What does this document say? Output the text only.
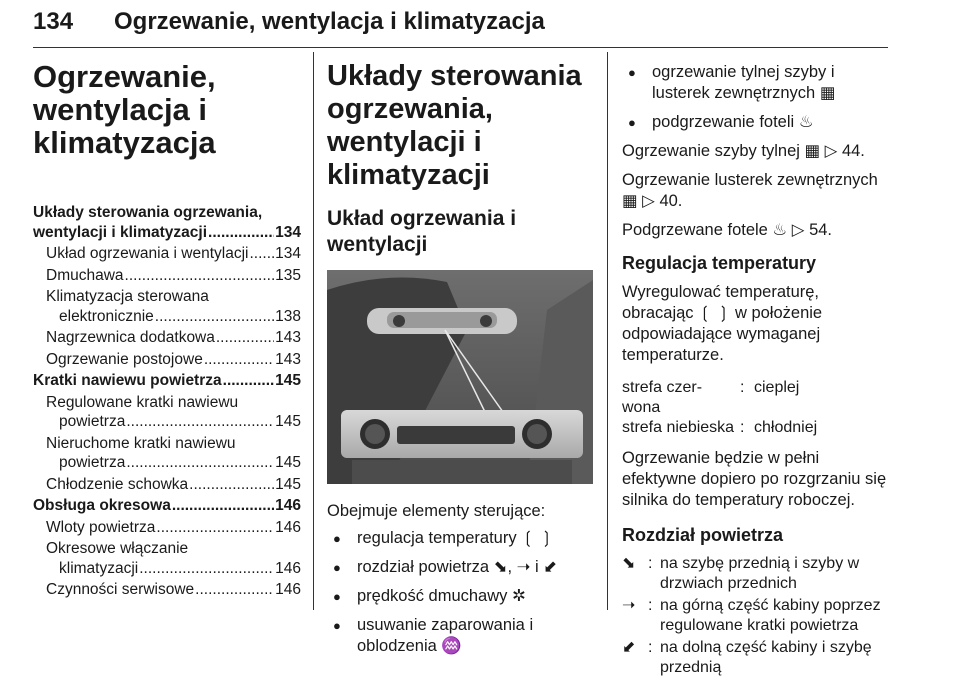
134 Ogrzewanie, wentylacja i klimatyzacja
Ogrzewanie,
wentylacja i
klimatyzacja
Układy sterowania ogrzewania,
wentylacji i klimatyzacji .....	134
Układ ogrzewania i wentylacji ..... 134
Dmuchawa .....	135
Klimatyzacja sterowana
elektronicznie .....	138
Nagrzewnica dodatkowa .....	143
Ogrzewanie postojowe .....	143
Kratki nawiewu powietrza .....	145
Regulowane kratki nawiewu
powietrza .....	145
Nieruchome kratki nawiewu
powietrza .....	145
Chłodzenie schowka .....	145
Obsługa okresowa .....	146
Wloty powietrza .....	146
Okresowe włączanie
klimatyzacji .....	146
Czynności serwisowe .....	146
Układy sterowania
ogrzewania, wentylacji i
klimatyzacji
Układ ogrzewania i
wentylacji

Obejmuje elementy sterujące:

● regulacja temperatury ❲ ❳
● rozdział powietrza ⬊, ➝ i ⬋
● prędkość dmuchawy ✲
● usuwanie zaparowania i oblodzenia ♒
● ogrzewanie tylnej szyby i lusterek zewnętrznych ▦
● podgrzewanie foteli ♨

Ogrzewanie szyby tylnej ▦ ▷ 44.

Ogrzewanie lusterek zewnętrznych ▦ ▷ 40.

Podgrzewane fotele ♨ ▷ 54.

Regulacja temperatury

Wyregulować temperaturę, obracając ❲ ❳ w położenie odpowiadające wymaganej temperaturze.

strefa czer-wona
: cieplej
strefa niebieska : chłodniej

Ogrzewanie będzie w pełni efektywne dopiero po rozgrzaniu się silnika do temperatury roboczej.

Rozdział powietrza
⬊ : na szybę przednią i szyby w drzwiach przednich
➝ : na górną część kabiny poprzez regulowane kratki powietrza
⬋ : na dolną część kabiny i szybę przednią
